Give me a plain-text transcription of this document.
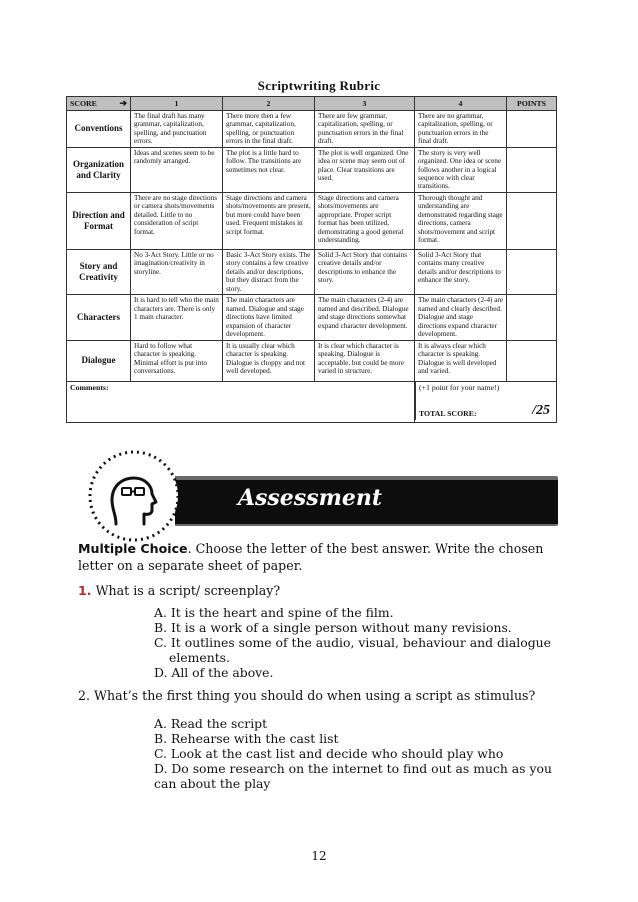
Scriptwriting Rubric
SCORE ➔	1	2	3	4	POINTS
Conventions	The final draft has many grammar, capitalization, spelling, and punctuation errors.	There more then a few grammar, capitalization, spelling, or punctuation errors in the final draft.	There are few grammar, capitalization, spelling, or punctuation errors in the final draft.	There are no grammar, capitalization, spelling, or punctuation errors in the final draft.	
Organization and Clarity	Ideas and scenes seem to be randomly arranged.	The plot is a little hard to follow. The transitions are sometimes not clear.	The plot is well organized. One idea or scene may seem out of place. Clear transitions are used.	The story is very well organized. One idea or scene follows another in a logical sequence with clear transitions.	
Direction and Format	There are no stage directions or camera shots/movements detailed. Little to no consideration of script format.	Stage directions and camera shots/movements are present, but more could have been used. Frequent mistakes in script format.	Stage directions and camera shots/movements are appropriate. Proper script format has been utilized, demonstrating a good general understanding.	Thorough thought and understanding are demonstrated regarding stage directions, camera shots/movement and script format.	
Story and Creativity	No 3-Act Story. Little or no imagination/creativity in storyline.	Basic 3-Act Story exists. The story contains a few creative details and/or descriptions, but they distract from the story.	Solid 3-Act Story that contains creative details and/or descriptions to enhance the story.	Solid 3-Act Story that contains many creative details and/or descriptions to enhance the story.	
Characters	It is hard to tell who the main characters are. There is only 1 main character.	The main characters are named. Dialogue and stage directions have limited expansion of character development.	The main characters (2-4) are named and described. Dialogue and stage directions somewhat expand character development.	The main characters (2-4) are named and clearly described. Dialogue and stage directions expand character development.	
Dialogue	Hard to follow what character is speaking. Minimal effort is put into conversations.	It is usually clear which character is speaking. Dialogue is choppy and not well developed.	It is clear which character is speaking. Dialogue is acceptable, but could be more varied in structure.	It is always clear which character is speaking. Dialogue is well developed and varied.	
Comments:				(+1 point for your name!)
TOTAL SCORE: /25	
Assessment
Multiple Choice. Choose the letter of the best answer. Write the chosen letter on a separate sheet of paper.
1. What is a script/ screenplay?
A. It is the heart and spine of the film.
B. It is a work of a single person without many revisions.
C. It outlines some of the audio, visual, behaviour and dialogue elements.
D. All of the above.
2. What’s the first thing you should do when using a script as stimulus?
A. Read the script
B. Rehearse with the cast list
C. Look at the cast list and decide who should play who
D. Do some research on the internet to find out as much as you can about the play
12
